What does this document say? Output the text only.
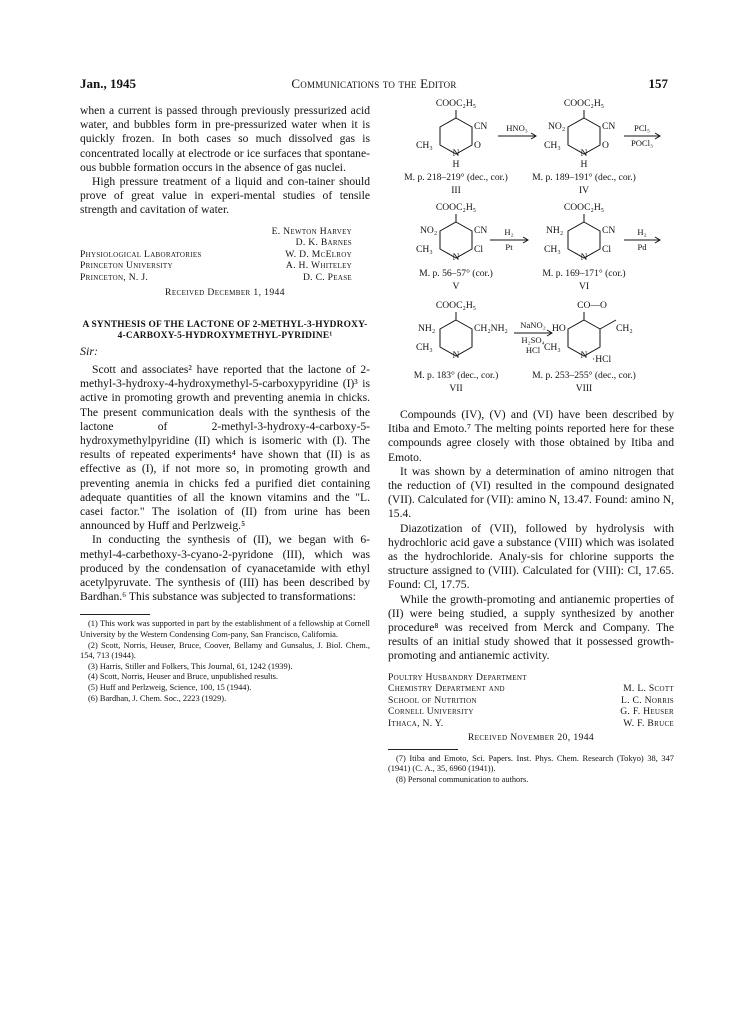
Jan., 1945	Communications to the Editor	157

when a current is passed through previously pressurized acid water, and bubbles form in pre-pressurized water when it is quickly frozen. In both cases so much dissolved gas is concentrated locally at electrode or ice surfaces that spontane-ous bubble formation occurs in the absence of gas nuclei.

High pressure treatment of a liquid and con-tainer should prove of great value in experi-mental studies of tensile strength and cavitation of water.

E. Newton Harvey
D. K. Barnes
Physiological Laboratories	W. D. McElroy
Princeton University	A. H. Whiteley
Princeton, N. J.	D. C. Pease
Received December 1, 1944
A SYNTHESIS OF THE LACTONE OF 2-METHYL-3-HYDROXY-4-CARBOXY-5-HYDROXYMETHYL-PYRIDINE¹
Sir:

Scott and associates² have reported that the lactone of 2-methyl-3-hydroxy-4-hydroxymethyl-5-carboxypyridine (I)³ is active in promoting growth and preventing anemia in chicks. The present communication deals with the synthesis of the lactone of 2-methyl-3-hydroxy-4-carboxy-5-hydroxymethylpyridine (II) which is isomeric with (I). The results of repeated experiments⁴ have shown that (II) is as effective as (I), if not more so, in promoting growth and preventing anemia in chicks fed a purified diet containing adequate quantities of all the known vitamins and the "L. casei factor." The isolation of (II) from urine has been announced by Huff and Perlzweig.⁵

In conducting the synthesis of (II), we began with 6-methyl-4-carbethoxy-3-cyano-2-pyridone (III), which was produced by the condensation of cyanacetamide with ethyl acetylpyruvate. The synthesis of (III) has been described by Bardhan.⁶ This substance was subjected to transformations:

(1) This work was supported in part by the establishment of a fellowship at Cornell University by the Western Condensing Com-pany, San Francisco, California.
(2) Scott, Norris, Heuser, Bruce, Coover, Bellamy and Gunsalus, J. Biol. Chem., 154, 713 (1944).
(3) Harris, Stiller and Folkers, This Journal, 61, 1242 (1939).
(4) Scott, Norris, Heuser and Bruce, unpublished results.
(5) Huff and Perlzweig, Science, 100, 15 (1944).
(6) Bardhan, J. Chem. Soc., 2223 (1929).
COOC₂H₅
CN
CH₃	O
N
H
HNO₃
COOC₂H₅
NO₂	CN
CH₃	O
N
H
PCl₅
POCl₃
M. p. 218–219° (dec., cor.)	M. p. 189–191° (dec., cor.)
III	IV
COOC₂H₅
NO₂	CN
CH₃	Cl
N
H₂
Pt
COOC₂H₅
NH₂	CN
CH₃	Cl
N
H₂
Pd
M. p. 56–57° (cor.)	M. p. 169–171° (cor.)
V	VI
COOC₂H₅
NH₂	CH₂NH₂
CH₃
N
NaNO₂
H₂SO₄
HCl
CO—O
HO	CH₂
CH₃
N ·HCl
M. p. 183° (dec., cor.)	M. p. 253–255° (dec., cor.)
VII	VIII

Compounds (IV), (V) and (VI) have been described by Itiba and Emoto.⁷ The melting points reported here for these compounds agree closely with those obtained by Itiba and Emoto.

It was shown by a determination of amino nitrogen that the reduction of (VI) resulted in the compound designated (VII). Calculated for (VII): amino N, 13.47. Found: amino N, 15.4.

Diazotization of (VII), followed by hydrolysis with hydrochloric acid gave a substance (VIII) which was isolated as the hydrochloride. Analy-sis for chlorine supports the structure assigned to (VIII). Calculated for (VIII): Cl, 17.65. Found: Cl, 17.75.

While the growth-promoting and antianemic properties of (II) were being studied, a supply synthesized by another procedure⁸ was received from Merck and Company. The results of an initial study showed that it possessed growth-promoting and antianemic activity.

Poultry Husbandry Department
Chemistry Department and	M. L. Scott
School of Nutrition	L. C. Norris
Cornell University	G. F. Heuser
Ithaca, N. Y.	W. F. Bruce
Received November 20, 1944
(7) Itiba and Emoto, Sci. Papers. Inst. Phys. Chem. Research (Tokyo) 38, 347 (1941) (C. A., 35, 6960 (1941)).
(8) Personal communication to authors.
